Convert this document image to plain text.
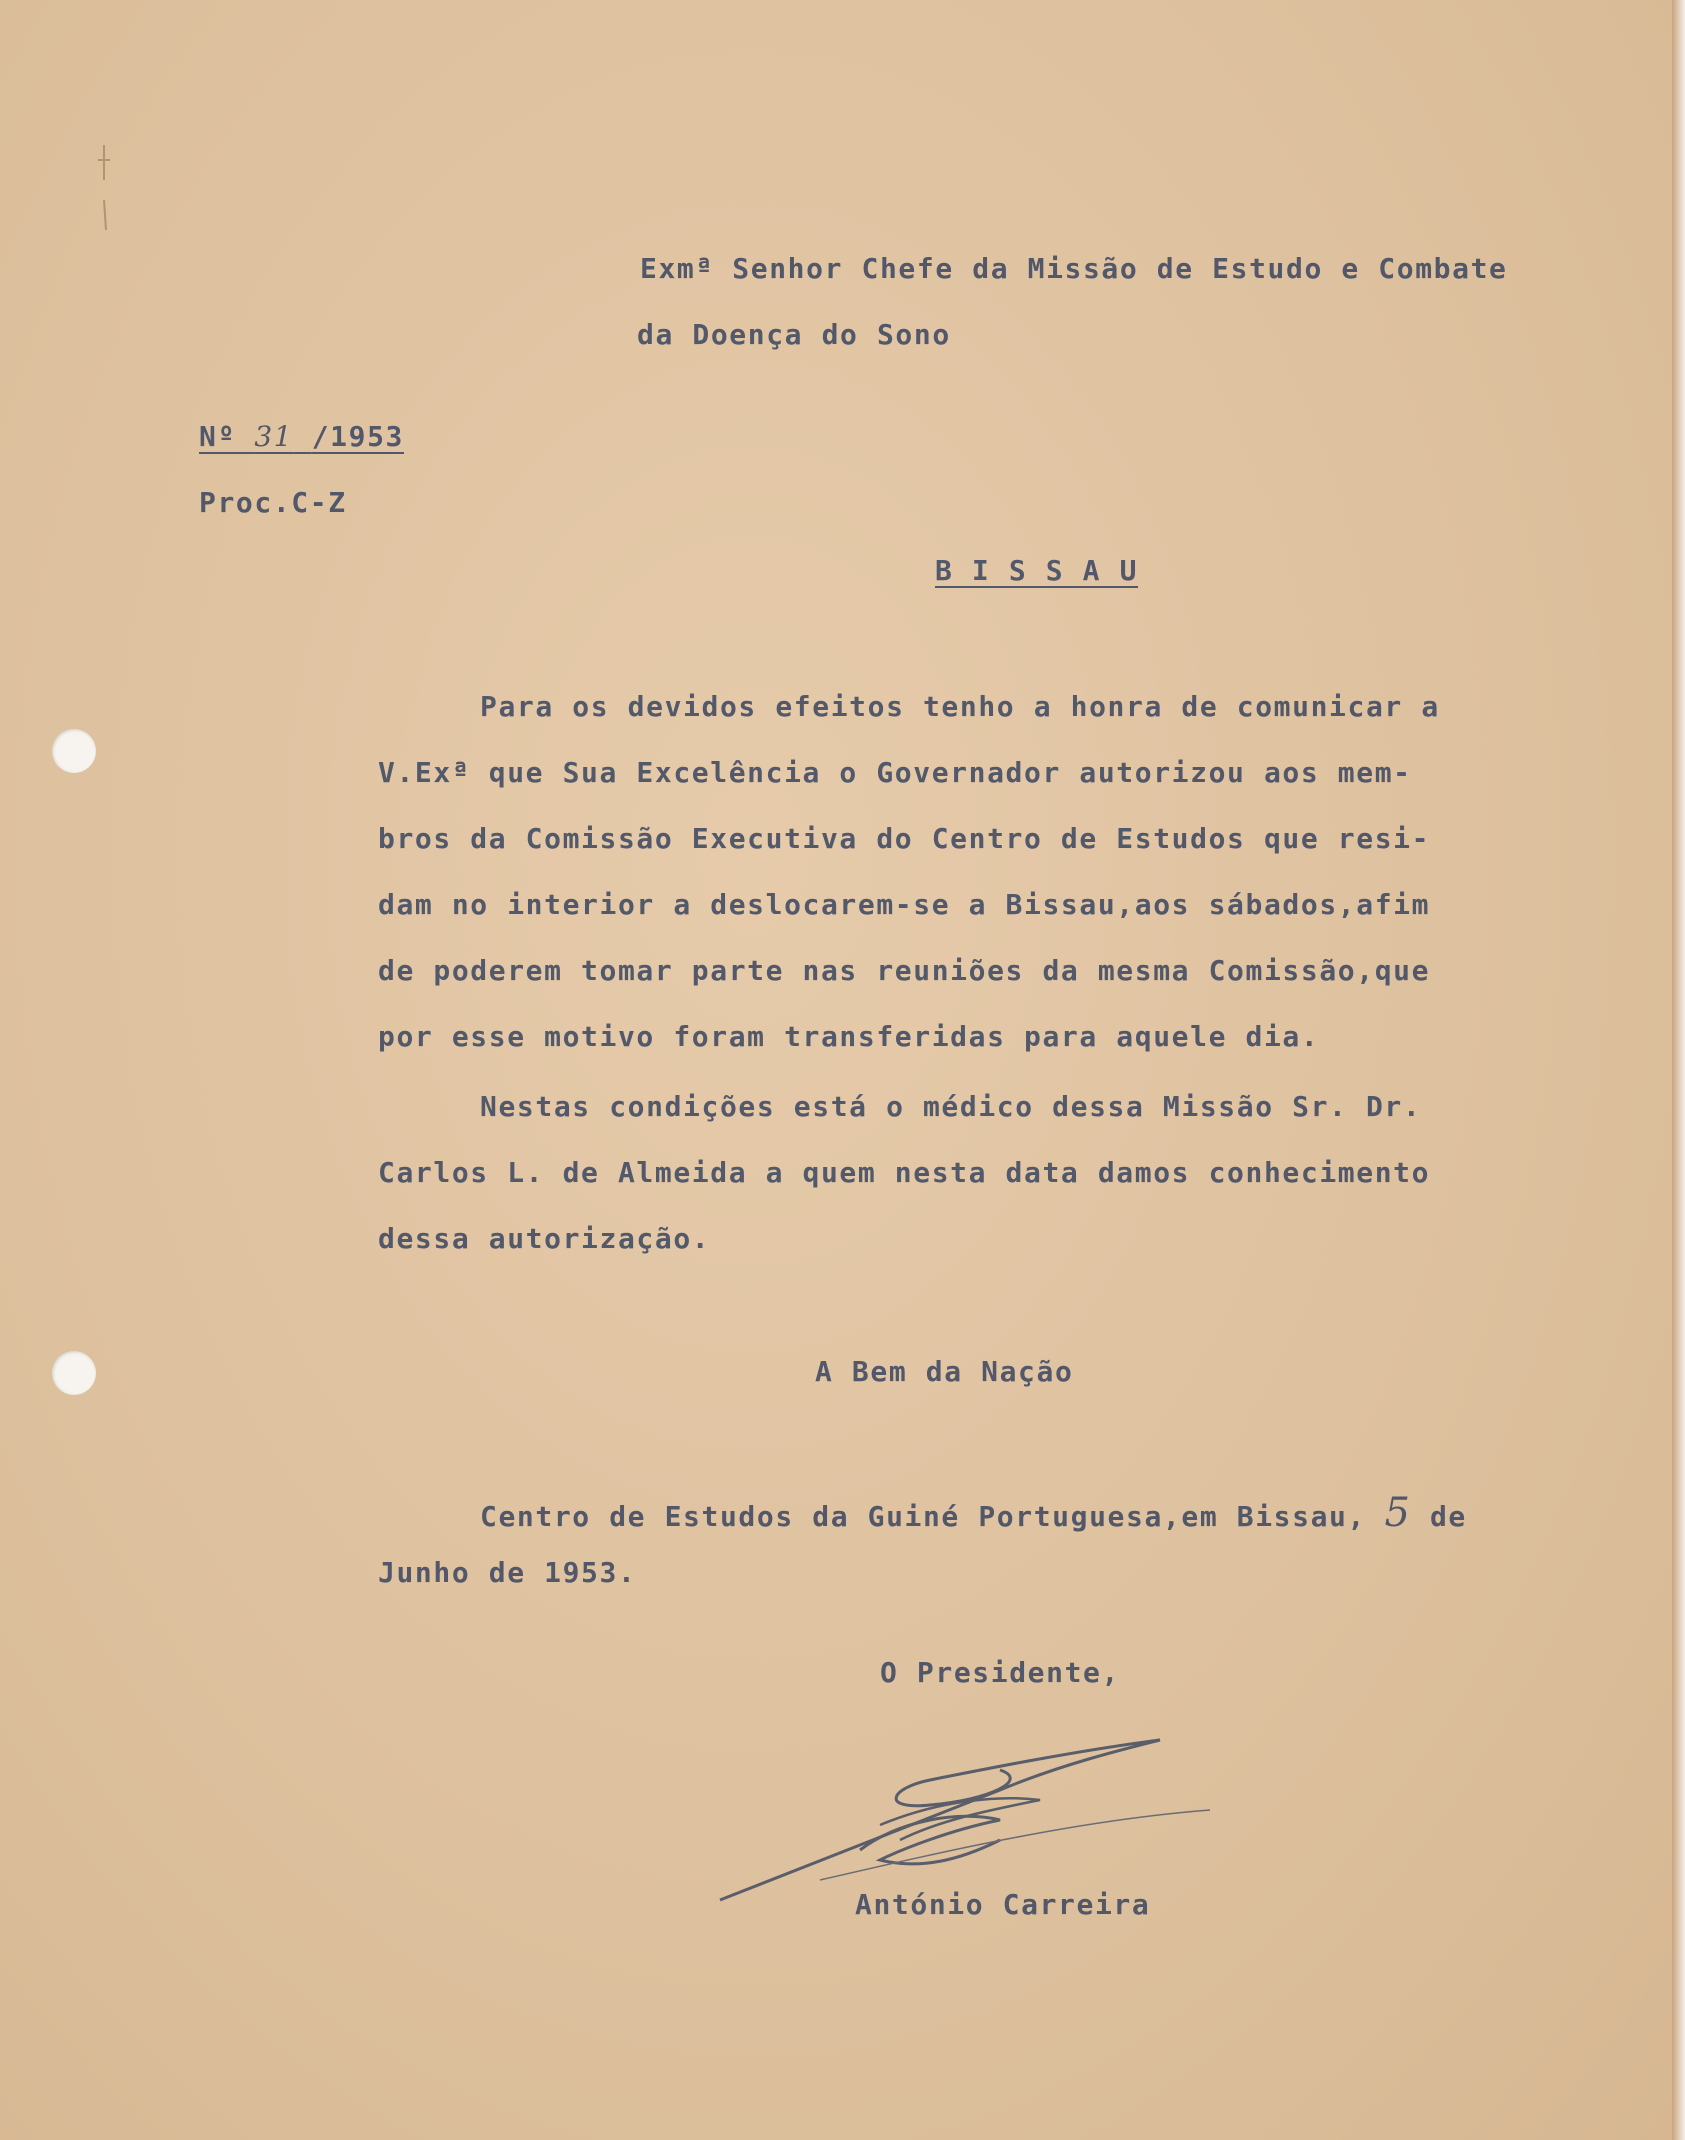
Exmª Senhor Chefe da Missão de Estudo e Combate
da Doença do Sono
Nº 31 /1953
Proc.C-Z
B I S S A U
Para os devidos efeitos tenho a honra de comunicar a
V.Exª que Sua Excelência o Governador autorizou aos mem-
bros da Comissão Executiva do Centro de Estudos que resi-
dam no interior a deslocarem-se a Bissau,aos sábados,afim
de poderem tomar parte nas reuniões da mesma Comissão,que
por esse motivo foram transferidas para aquele dia.
Nestas condições está o médico dessa Missão Sr. Dr.
Carlos L. de Almeida a quem nesta data damos conhecimento
dessa autorização.
A Bem da Nação
Centro de Estudos da Guiné Portuguesa,em Bissau, 5 de
Junho de 1953.
O Presidente,
António Carreira
